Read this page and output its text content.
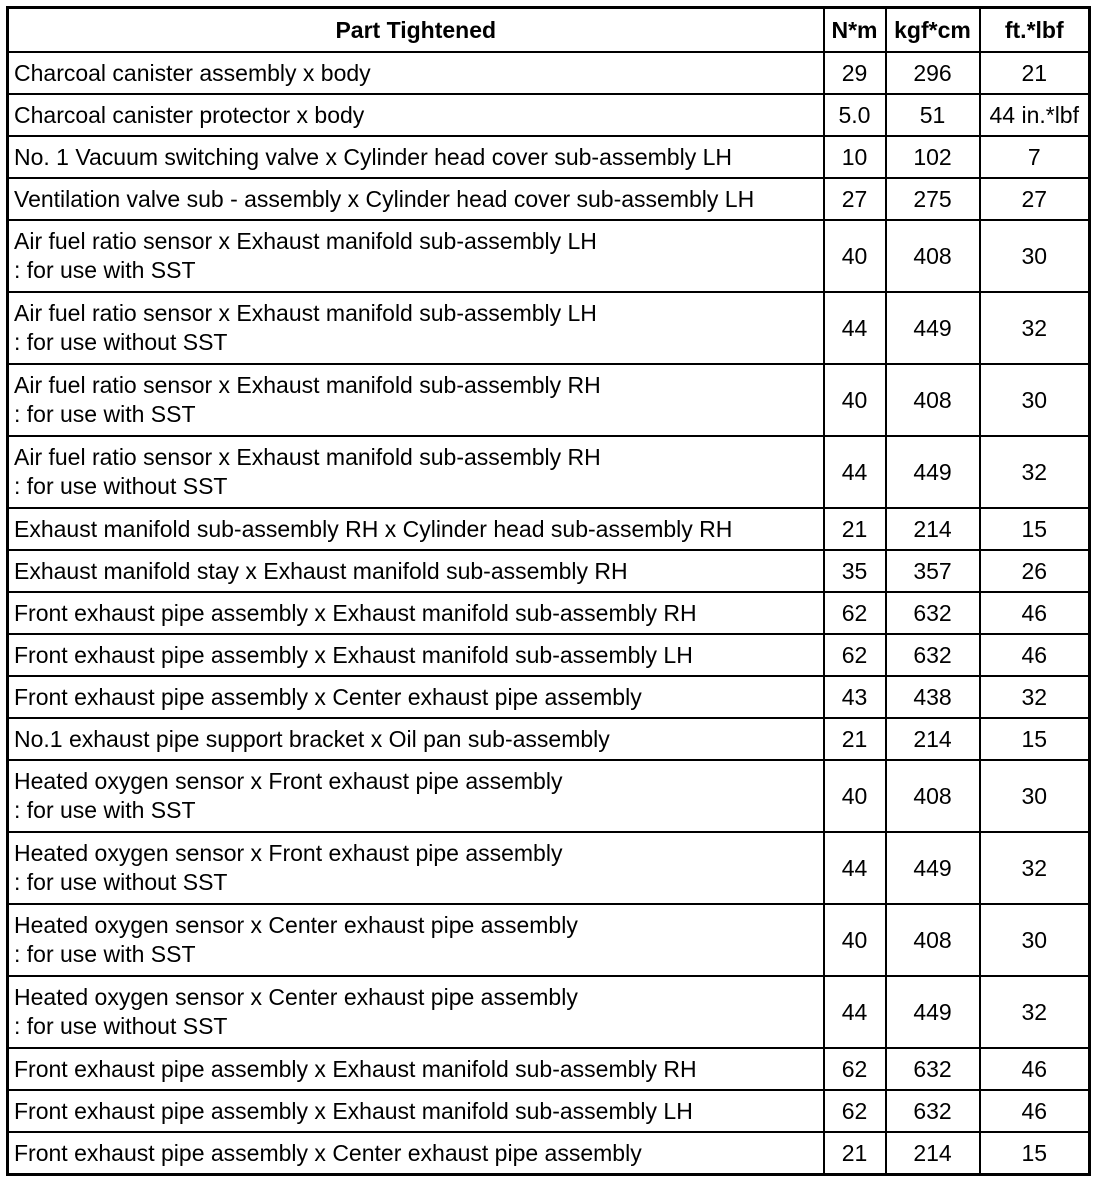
Part Tightened	N*m	kgf*cm	ft.*lbf

Charcoal canister assembly x body	29	296	21

Charcoal canister protector x body	5.0	51	44 in.*lbf

No. 1 Vacuum switching valve x Cylinder head cover sub-assembly LH	10	102	7

Ventilation valve sub - assembly x Cylinder head cover sub-assembly LH	27	275	27

Air fuel ratio sensor x Exhaust manifold sub-assembly LH
: for use with SST	40	408	30

Air fuel ratio sensor x Exhaust manifold sub-assembly LH
: for use without SST	44	449	32

Air fuel ratio sensor x Exhaust manifold sub-assembly RH
: for use with SST	40	408	30

Air fuel ratio sensor x Exhaust manifold sub-assembly RH
: for use without SST	44	449	32

Exhaust manifold sub-assembly RH x Cylinder head sub-assembly RH	21	214	15

Exhaust manifold stay x Exhaust manifold sub-assembly RH	35	357	26

Front exhaust pipe assembly x Exhaust manifold sub-assembly RH	62	632	46

Front exhaust pipe assembly x Exhaust manifold sub-assembly LH	62	632	46

Front exhaust pipe assembly x Center exhaust pipe assembly	43	438	32

No.1 exhaust pipe support bracket x Oil pan sub-assembly	21	214	15

Heated oxygen sensor x Front exhaust pipe assembly
: for use with SST	40	408	30

Heated oxygen sensor x Front exhaust pipe assembly
: for use without SST	44	449	32

Heated oxygen sensor x Center exhaust pipe assembly
: for use with SST	40	408	30

Heated oxygen sensor x Center exhaust pipe assembly
: for use without SST	44	449	32

Front exhaust pipe assembly x Exhaust manifold sub-assembly RH	62	632	46

Front exhaust pipe assembly x Exhaust manifold sub-assembly LH	62	632	46

Front exhaust pipe assembly x Center exhaust pipe assembly	21	214	15
